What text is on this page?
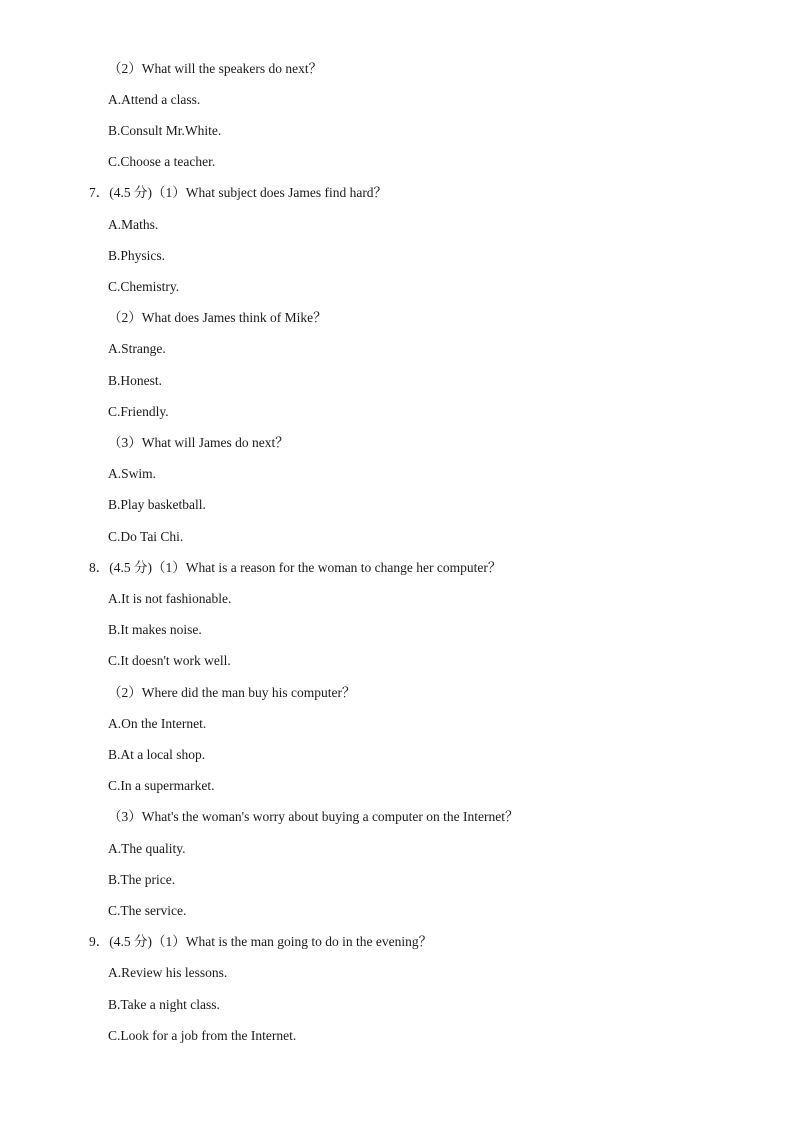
（2）What will the speakers do next？
A.Attend a class.
B.Consult Mr.White.
C.Choose a teacher.
7．(4.5 分)（1）What subject does James find hard？
A.Maths.
B.Physics.
C.Chemistry.
（2）What does James think of Mike？
A.Strange.
B.Honest.
C.Friendly.
（3）What will James do next？
A.Swim.
B.Play basketball.
C.Do Tai Chi.
8．(4.5 分)（1）What is a reason for the woman to change her computer？
A.It is not fashionable.
B.It makes noise.
C.It doesn't work well.
（2）Where did the man buy his computer？
A.On the Internet.
B.At a local shop.
C.In a supermarket.
（3）What's the woman's worry about buying a computer on the Internet？
A.The quality.
B.The price.
C.The service.
9．(4.5 分)（1）What is the man going to do in the evening？
A.Review his lessons.
B.Take a night class.
C.Look for a job from the Internet.
